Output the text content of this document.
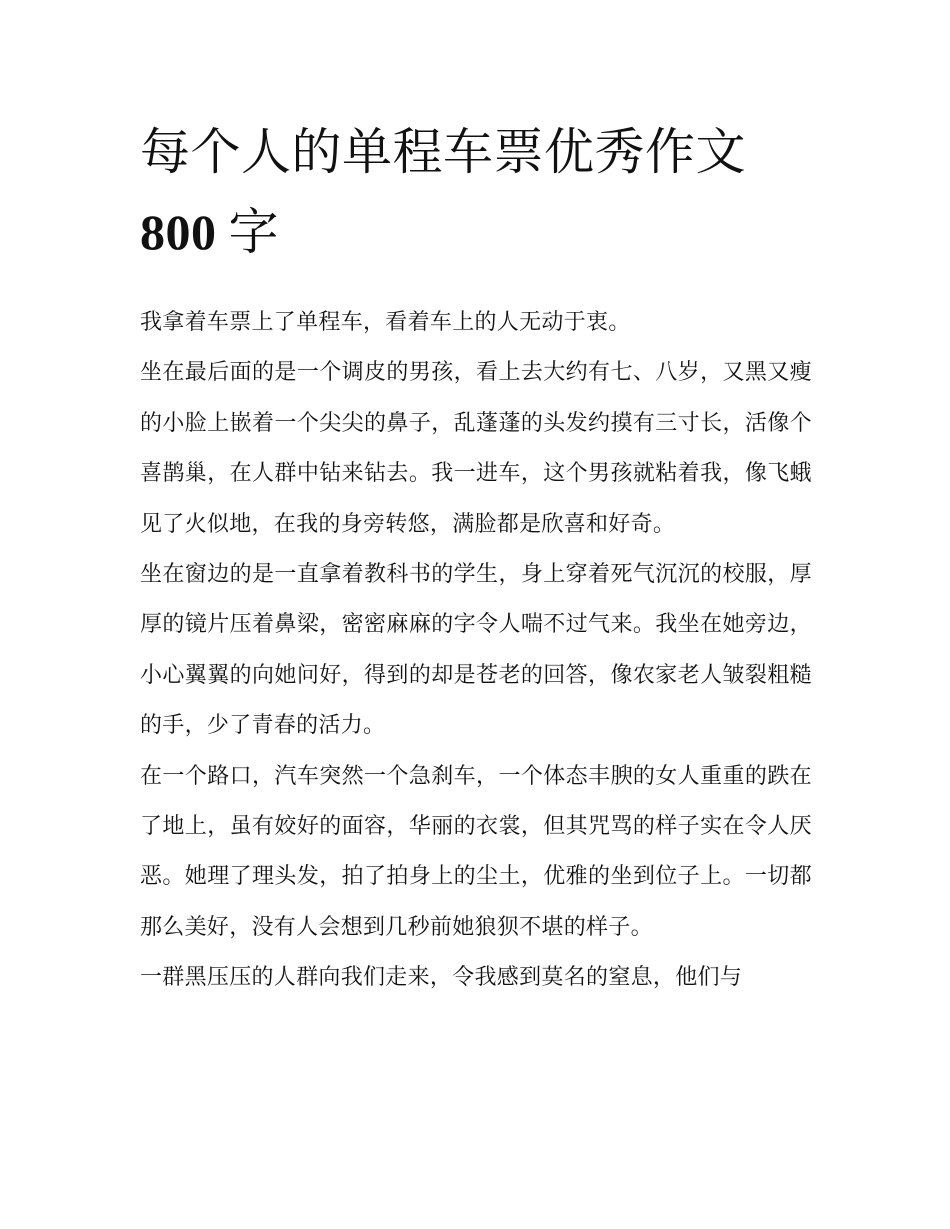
每个人的单程车票优秀作文
800 字

我拿着车票上了单程车，看着车上的人无动于衷。

坐在最后面的是一个调皮的男孩，看上去大约有七、八岁，又黑又瘦的小脸上嵌着一个尖尖的鼻子，乱蓬蓬的头发约摸有三寸长，活像个喜鹊巢，在人群中钻来钻去。我一进车，这个男孩就粘着我，像飞蛾见了火似地，在我的身旁转悠，满脸都是欣喜和好奇。

坐在窗边的是一直拿着教科书的学生，身上穿着死气沉沉的校服，厚厚的镜片压着鼻梁，密密麻麻的字令人喘不过气来。我坐在她旁边，小心翼翼的向她问好，得到的却是苍老的回答，像农家老人皱裂粗糙的手，少了青春的活力。

在一个路口，汽车突然一个急刹车，一个体态丰腴的女人重重的跌在了地上，虽有姣好的面容，华丽的衣裳，但其咒骂的样子实在令人厌恶。她理了理头发，拍了拍身上的尘土，优雅的坐到位子上。一切都那么美好，没有人会想到几秒前她狼狈不堪的样子。

一群黑压压的人群向我们走来，令我感到莫名的窒息，他们与
